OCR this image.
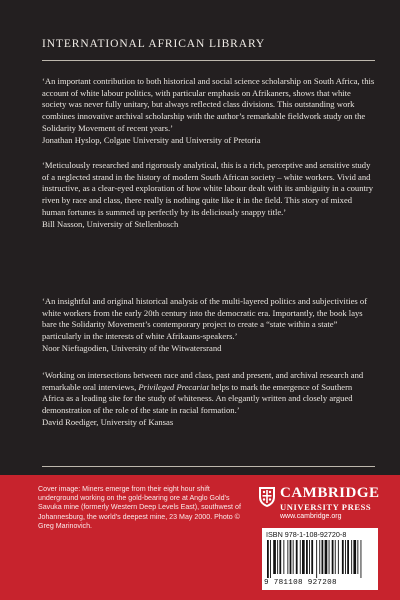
INTERNATIONAL AFRICAN LIBRARY

‘An important contribution to both historical and social science scholarship on South Africa, this account of white labour politics, with particular emphasis on Afrikaners, shows that white society was never fully unitary, but always reflected class divisions. This outstanding work combines innovative archival scholarship with the author’s remarkable fieldwork study on the Solidarity Movement of recent years.’

Jonathan Hyslop, Colgate University and University of Pretoria

‘Meticulously researched and rigorously analytical, this is a rich, perceptive and sensitive study of a neglected strand in the history of modern South African society – white workers. Vivid and instructive, as a clear-eyed exploration of how white labour dealt with its ambiguity in a country riven by race and class, there really is nothing quite like it in the field. This story of mixed human fortunes is summed up perfectly by its deliciously snappy title.’

Bill Nasson, University of Stellenbosch

‘An insightful and original historical analysis of the multi-layered politics and subjectivities of white workers from the early 20th century into the democratic era. Importantly, the book lays bare the Solidarity Movement’s contemporary project to create a “state within a state” particularly in the interests of white Afrikaans-speakers.’

Noor Nieftagodien, University of the Witwatersrand

‘Working on intersections between race and class, past and present, and archival research and remarkable oral interviews, Privileged Precariat helps to mark the emergence of Southern Africa as a leading site for the study of whiteness. An elegantly written and closely argued demonstration of the role of the state in racial formation.’

David Roediger, University of Kansas
Cover image: Miners emerge from their eight hour shift underground working on the gold-bearing ore at Anglo Gold’s Savuka mine (formerly Western Deep Levels East), southwest of Johannesburg, the world’s deepest mine, 23 May 2000. Photo © Greg Marinovich.
CAMBRIDGE
UNIVERSITY PRESS
www.cambridge.org
ISBN 978-1-108-92720-8
9 781108 927208
